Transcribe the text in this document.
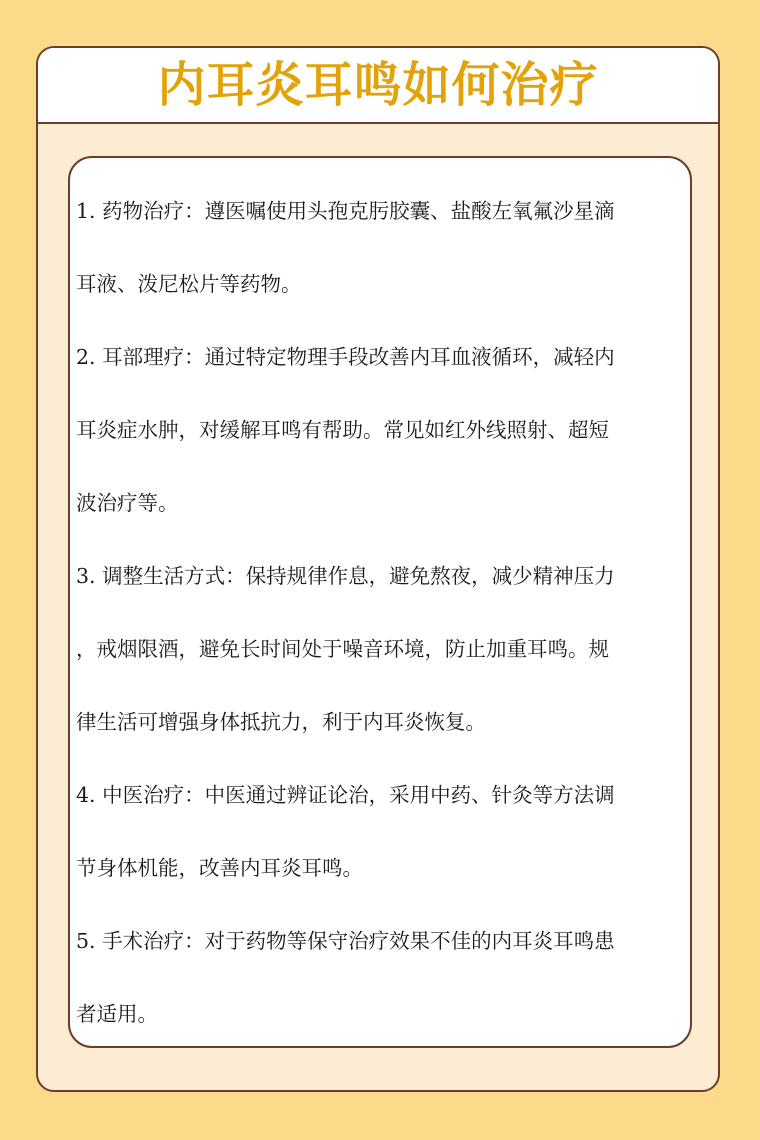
内耳炎耳鸣如何治疗

1. 药物治疗：遵医嘱使用头孢克肟胶囊、盐酸左氧氟沙星滴
耳液、泼尼松片等药物。

2. 耳部理疗：通过特定物理手段改善内耳血液循环，减轻内
耳炎症水肿，对缓解耳鸣有帮助。常见如红外线照射、超短
波治疗等。

3. 调整生活方式：保持规律作息，避免熬夜，减少精神压力
，戒烟限酒，避免长时间处于噪音环境，防止加重耳鸣。规
律生活可增强身体抵抗力，利于内耳炎恢复。

4. 中医治疗：中医通过辨证论治，采用中药、针灸等方法调
节身体机能，改善内耳炎耳鸣。

5. 手术治疗：对于药物等保守治疗效果不佳的内耳炎耳鸣患
者适用。
